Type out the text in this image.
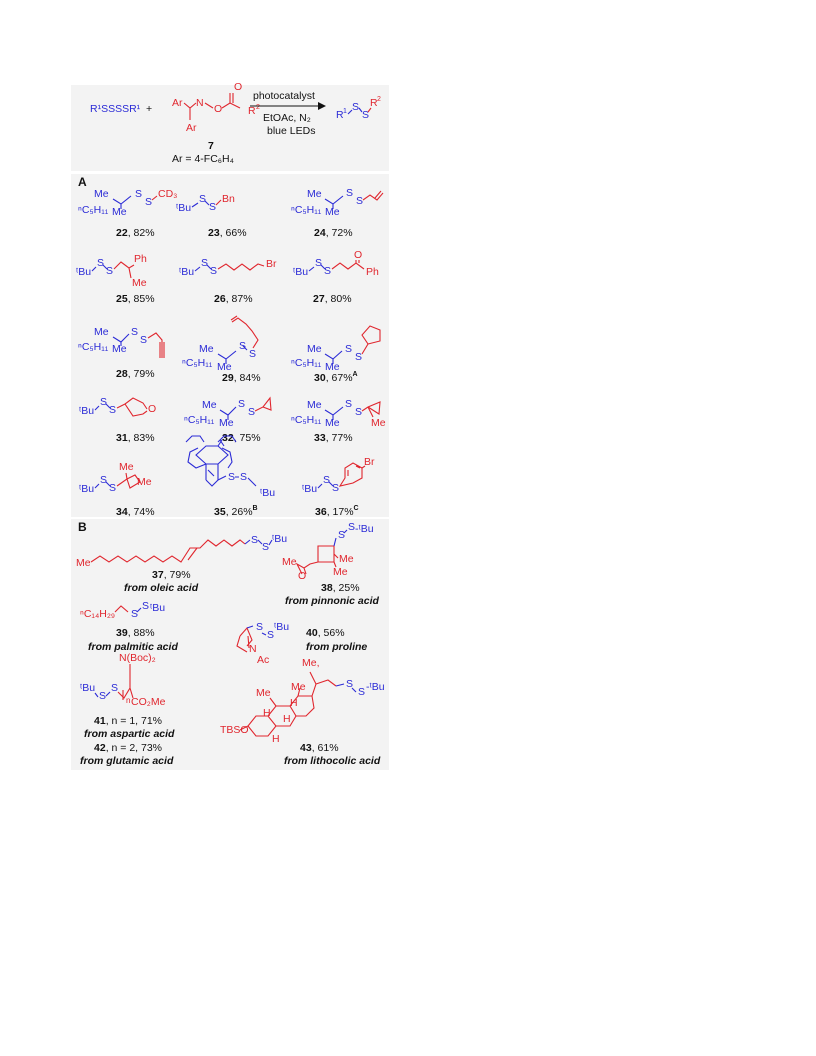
R¹SSSSR¹ + Ar
Ar
N O
O
R 2
7
Ar = 4-FC₆H₄
photocatalyst
EtOAc, N₂
blue LEDs
R 1 S
S
R 2
A
Me
ⁿC₅H₁₁ Me
S
S
CD₃
ᵗBu
S
S
Bn	Me
ⁿC₅H₁₁ Me
S
S
22, 82%	23, 66%	24, 72%
ᵗBu
S
S
Ph
Me
ᵗBu
S
S
Br
ᵗBu
S
S
O
Ph
25, 85%	26, 87%	27, 80%
Me
ⁿC₅H₁₁ Me
S
S
Me
ⁿC₅H₁₁ Me
S
S	Me
ⁿC₅H₁₁ Me
S
S
28, 79%	29, 84%	30, 67%$^A$
ᵗBu
S
S	O	Me
ⁿC₅H₁₁ Me
S
S
Me
ⁿC₅H₁₁ Me
S
S
Me
31, 83%	32, 75%	33, 77%
ᵗBu
S
S
Me
Me	S S
ᵗBu	ᵗBu
S
S
Br
34, 74%	35, 26%$^B$	36, 17%$^C$
B
Me
S
S
ᵗBu
37, 79%
from oleic acid
S
S -ᵗBu
Me
O
Me
Me
38, 25%
from pinnonic acid
ⁿC₁₄H₂₉ S
S ᵗBu
39, 88%
from palmitic acid
S
S
ᵗBu
N
Ac
40, 56%
from proline
ᵗBu
S
S
N(Boc)₂
CO₂Me
n
41, n = 1, 71%
from aspartic acid
42, n = 2, 73%
from glutamic acid
Me,
TBSO
Me Me
H
H
H
H
S
S -ᵗBu
43, 61%
from lithocolic acid
